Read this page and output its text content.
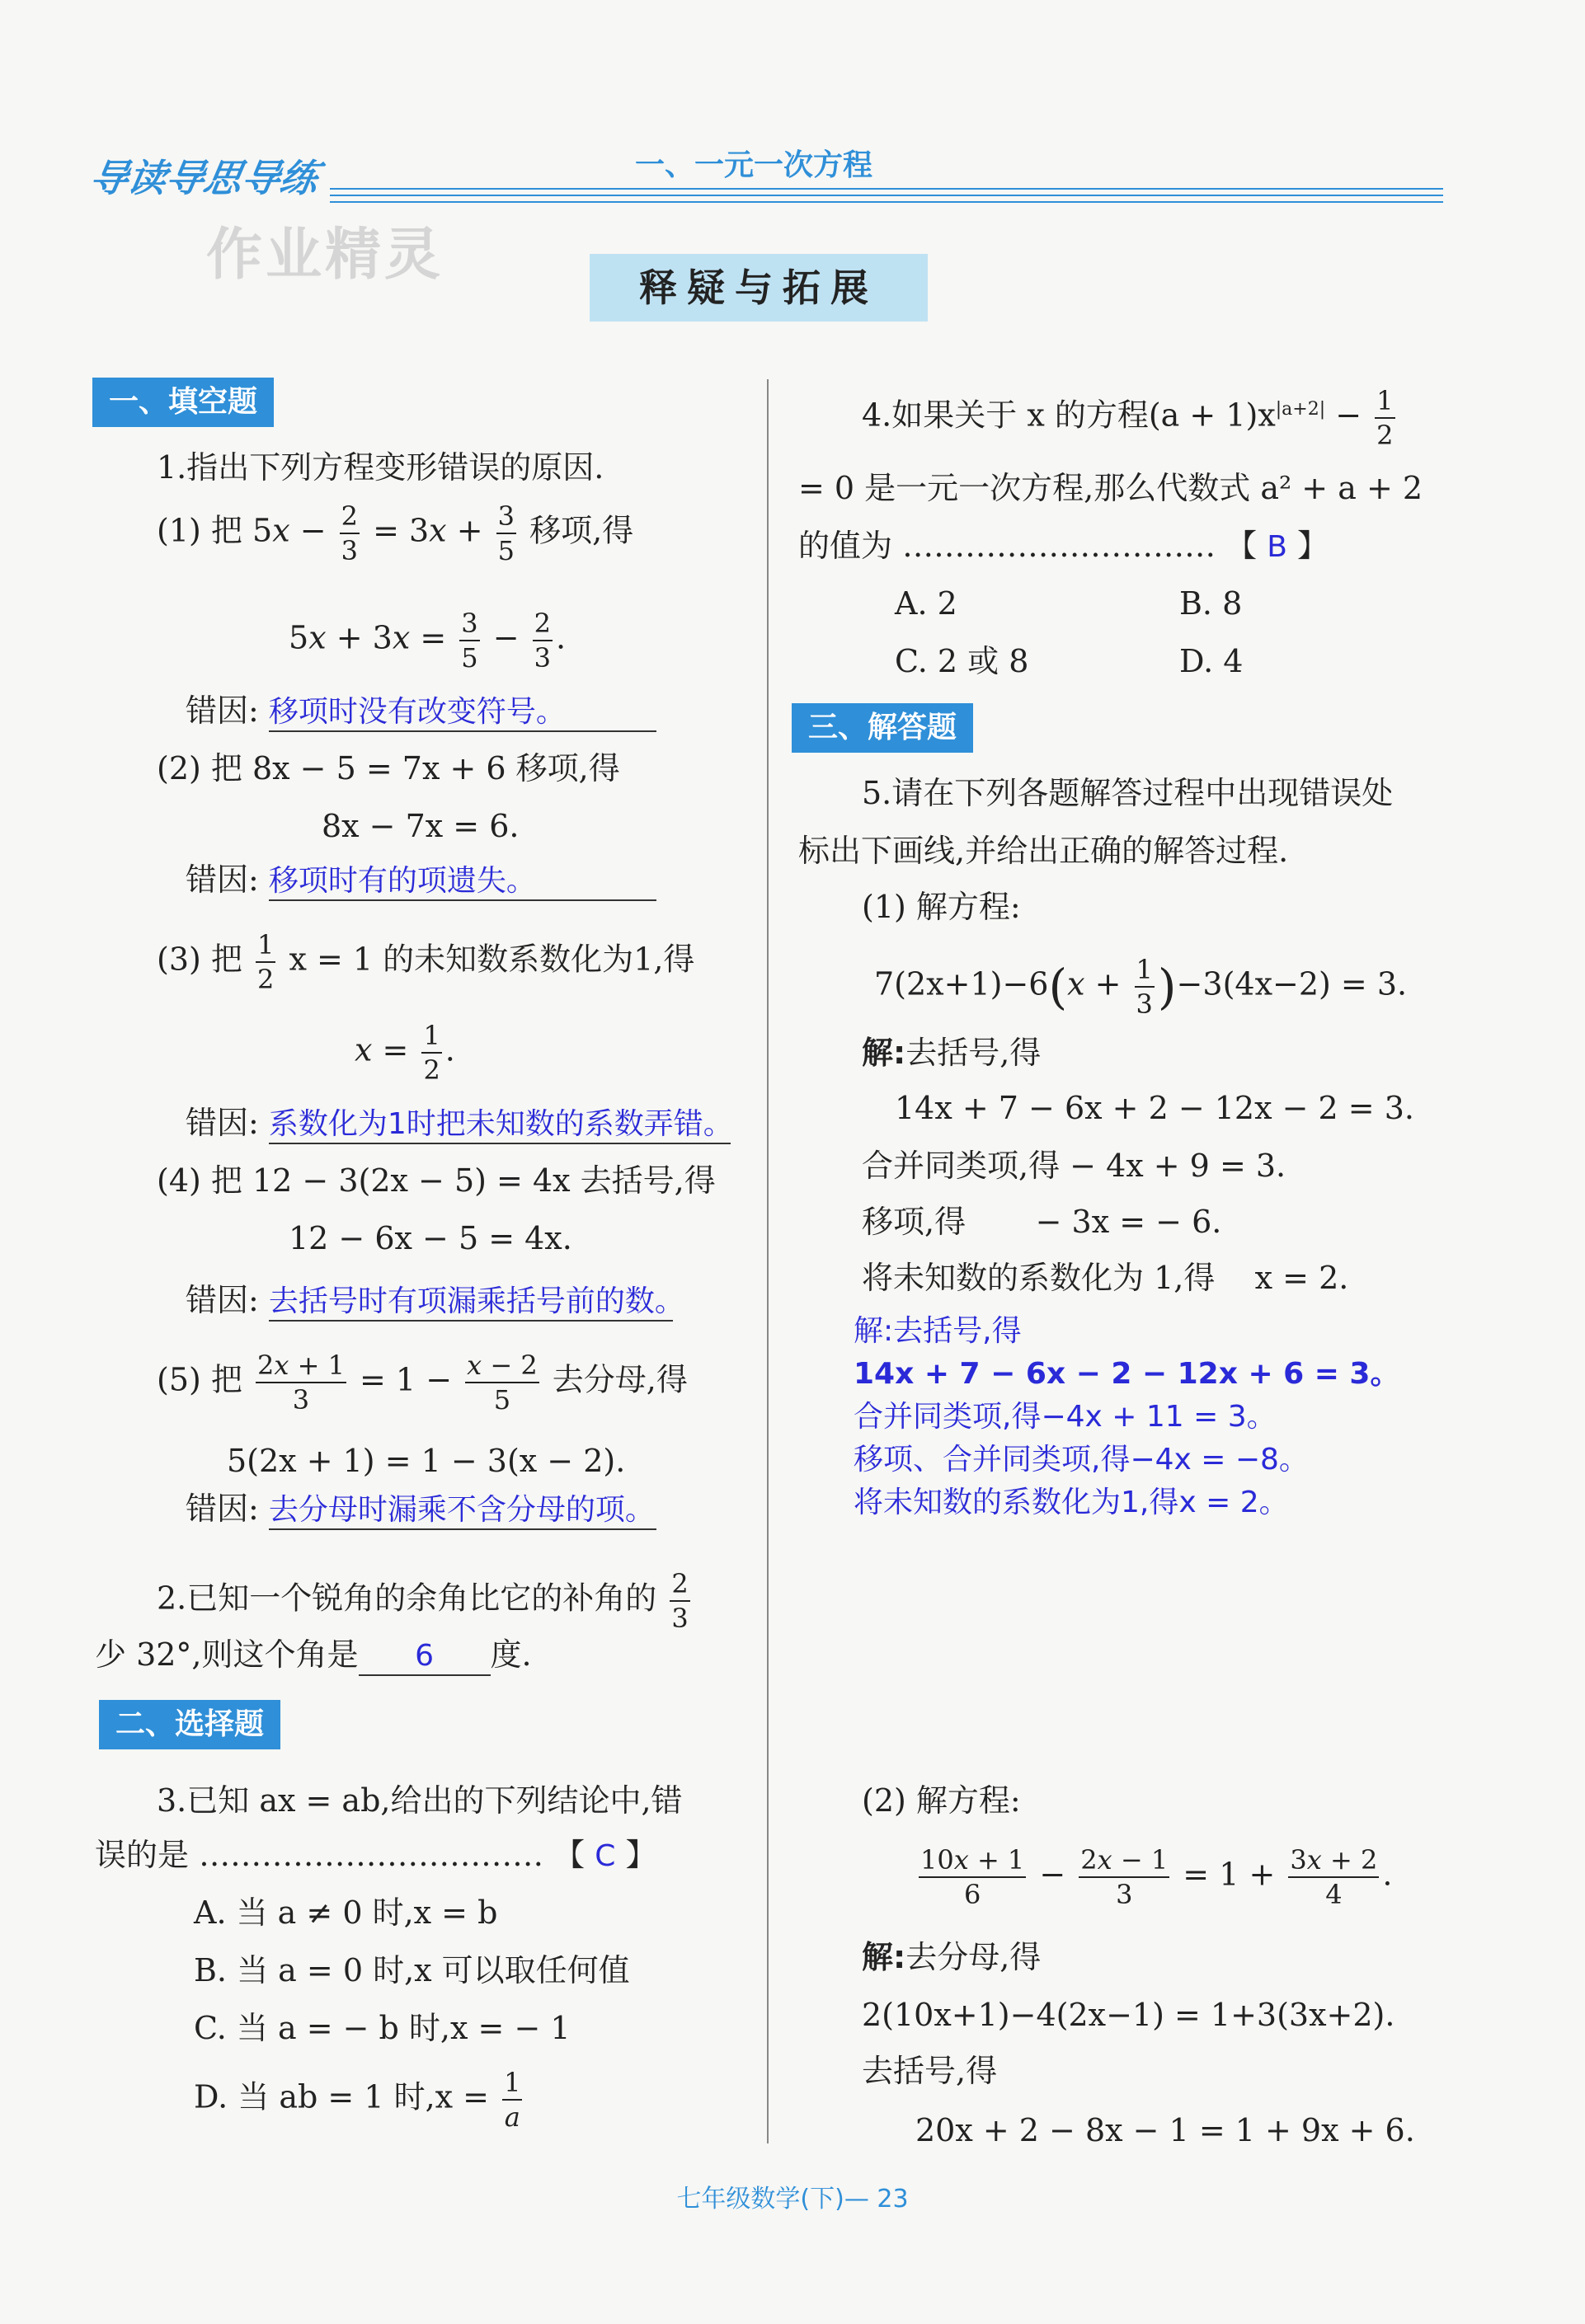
导读导思导练	一、一元一次方程
作业精灵	释疑与拓展
一、填空题
1.指出下列方程变形错误的原因.
(1) 把 $5x - \frac{2}{3} = 3x + \frac{3}{5}$ 移项,得
$5x + 3x = \frac{3}{5} - \frac{2}{3}$ .
错因: 移项时没有改变符号。
(2) 把 8x − 5 = 7x + 6 移项,得
8x − 7x = 6.
错因: 移项时有的项遗失。
(3) 把 $\frac{1}{2}$ x = 1 的未知数系数化为1,得
$x = \frac{1}{2}$ .
错因: 系数化为1时把未知数的系数弄错。
(4) 把 12 − 3(2x − 5) = 4x 去括号,得
12 − 6x − 5 = 4x.
错因: 去括号时有项漏乘括号前的数。
(5) 把 $\frac{2x + 1}{3} = 1 - \frac{x - 2}{5}$ 去分母,得
5(2x + 1) = 1 − 3(x − 2).
错因: 去分母时漏乘不含分母的项。
2.已知一个锐角的余角比它的补角的 $\frac{2}{3}$
少 32°,则这个角是 6 度.
二、选择题
3.已知 ax = ab,给出的下列结论中,错
误的是 …………………………… 【 C 】
A. 当 a ≠ 0 时,x = b
B. 当 a = 0 时,x 可以取任何值
C. 当 a = − b 时,x = − 1
D. 当 ab = 1 时$,x = \frac{1}{a}$
4.如果关于 x 的方程$(a + 1)x^{|a+2|} - \frac{1}{2}$
= 0 是一元一次方程,那么代数式 a² + a + 2
的值为 ………………………… 【 B 】
A. 2	B. 8
C. 2 或 8	D. 4
三、解答题
5.请在下列各题解答过程中出现错误处
标出下画线,并给出正确的解答过程.
(1) 解方程:
$7(2x+1)-6(x + \frac{1}{3} )-3(4x-2) = 3$.
解:去括号,得
14x + 7 − 6x + 2 − 12x − 2 = 3.
合并同类项,得 − 4x + 9 = 3.
移项,得       − 3x = − 6.
将未知数的系数化为 1,得    x = 2.
解:去括号,得
14x + 7 − 6x − 2 − 12x + 6 = 3。
合并同类项,得−4x + 11 = 3。
移项、合并同类项,得−4x = −8。
将未知数的系数化为1,得x = 2。
(2) 解方程:
$\frac{10x + 1}{6} - \frac{2x - 1}{3} = 1 + \frac{3x + 2}{4}$ .
解:去分母,得
2(10x+1)−4(2x−1) = 1+3(3x+2).
去括号,得
20x + 2 − 8x − 1 = 1 + 9x + 6.
七年级数学(下)— 23
